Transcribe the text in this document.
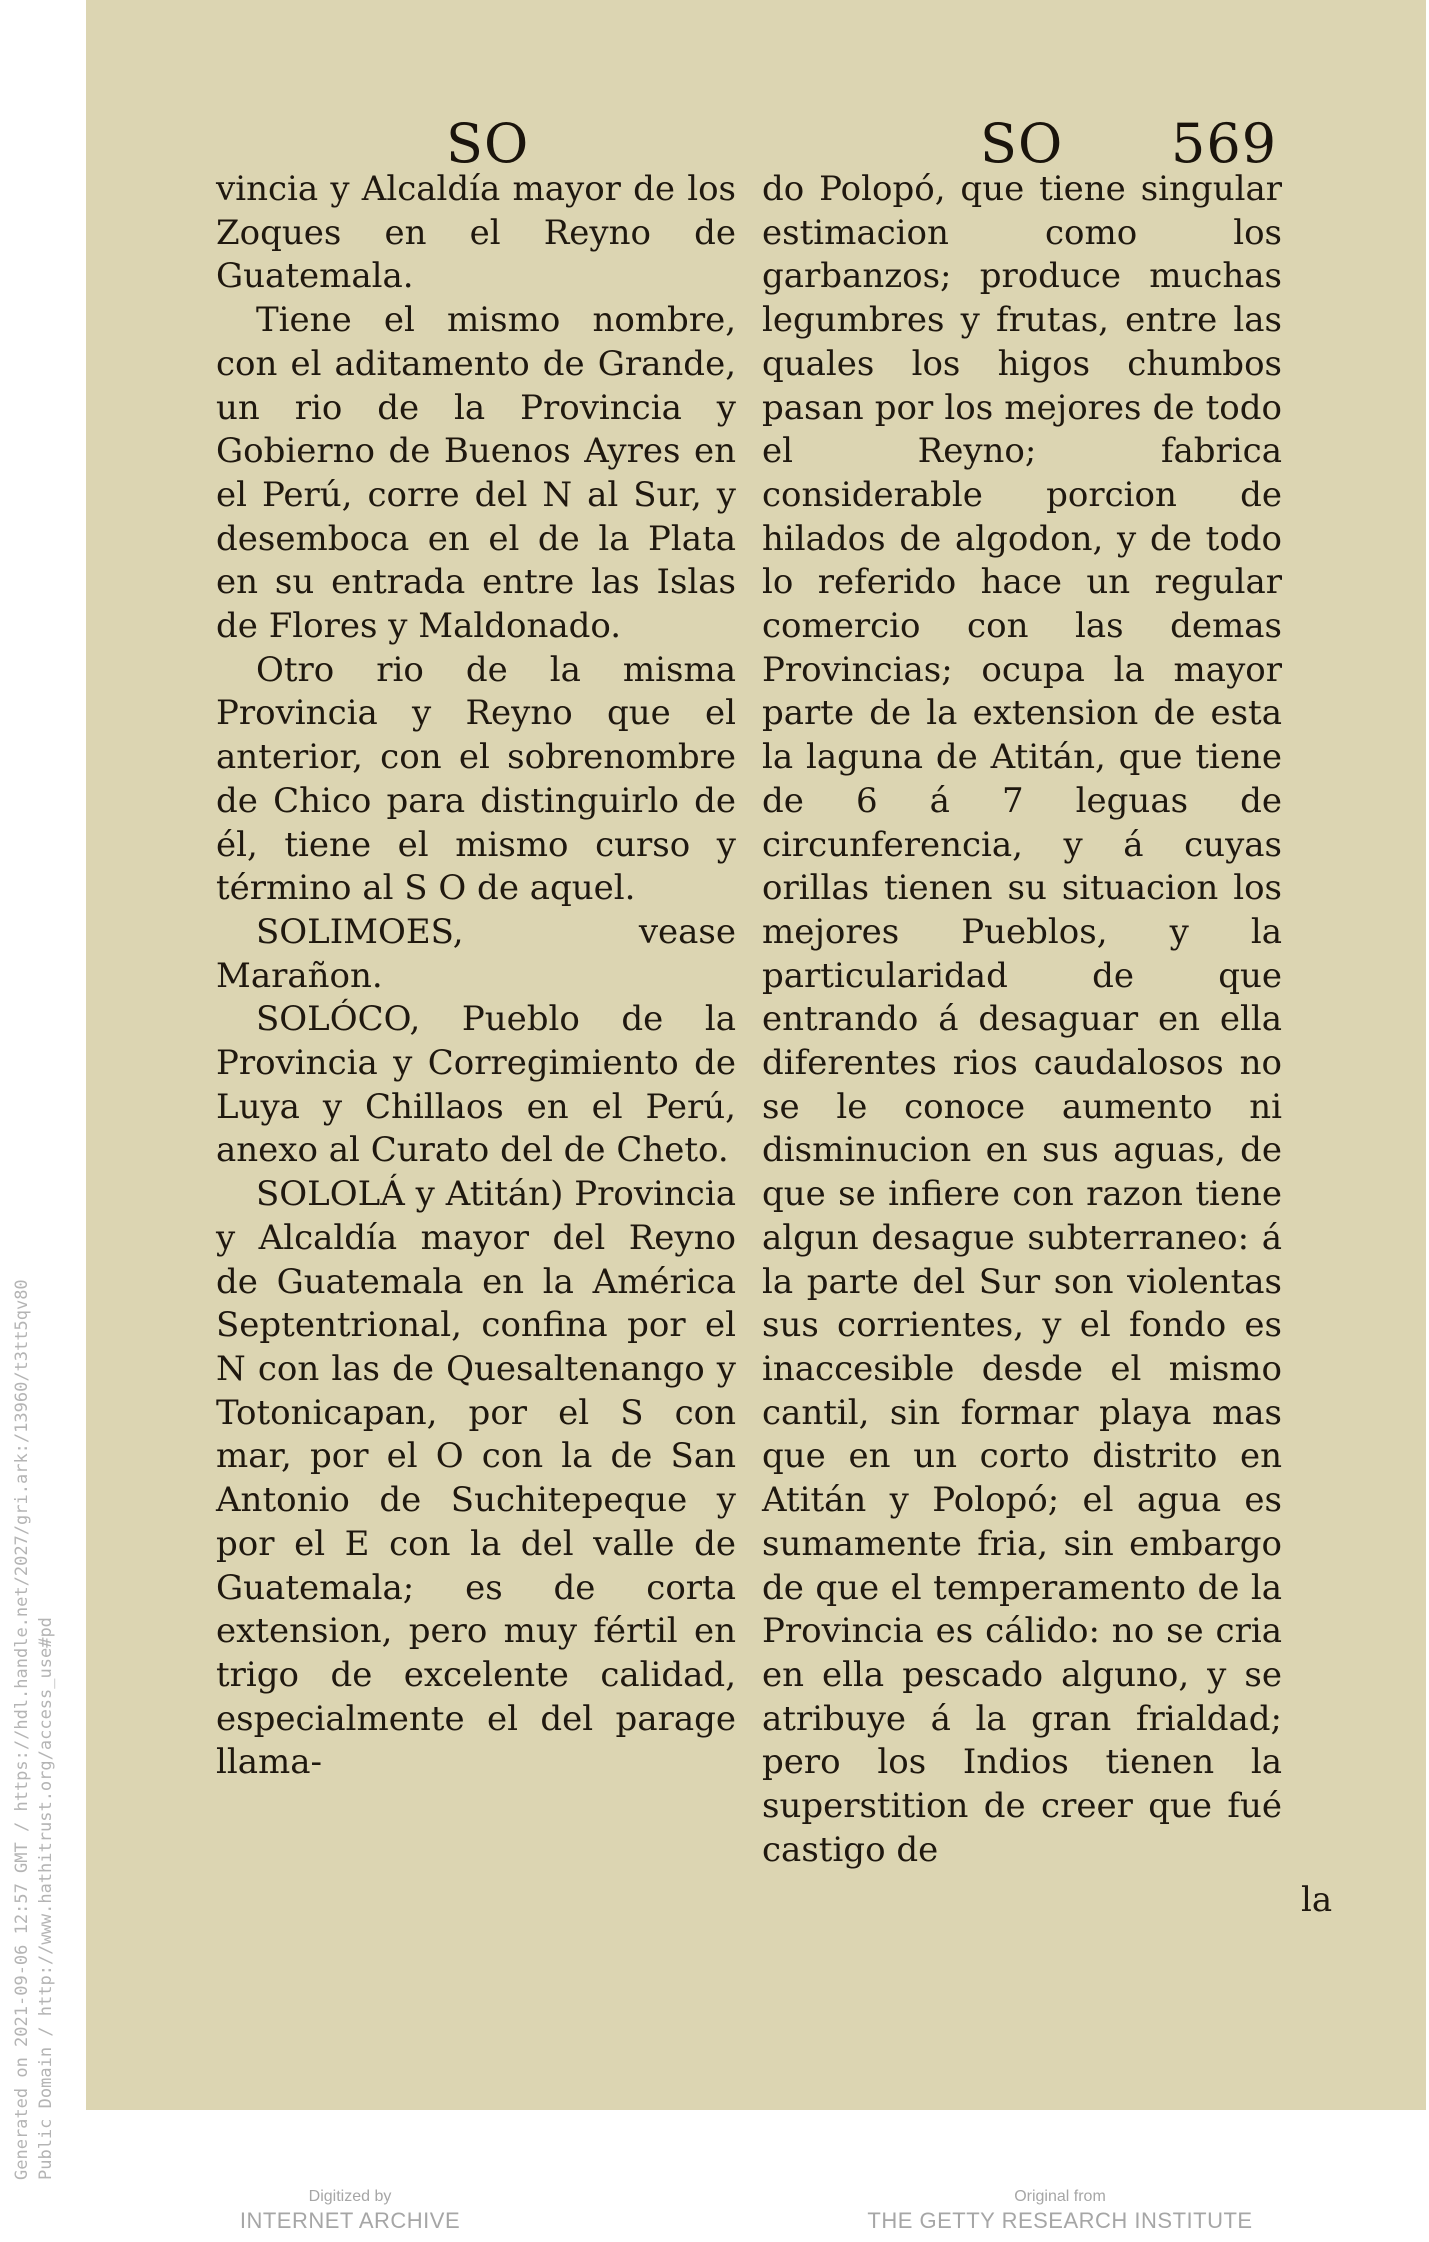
Generated on 2021-09-06 12:57 GMT / https://hdl.handle.net/2027/gri.ark:/13960/t3tt5qv80 Public Domain / http://www.hathitrust.org/access_use#pd
SO	SO 569

vincia y Alcaldía mayor de los Zoques en el Reyno de Guatemala.

Tiene el mismo nombre, con el aditamento de Grande, un rio de la Provincia y Gobierno de Buenos Ayres en el Perú, corre del N al Sur, y desemboca en el de la Plata en su entrada entre las Islas de Flores y Maldonado.

Otro rio de la misma Provincia y Reyno que el anterior, con el sobrenombre de Chico para distinguirlo de él, tiene el mismo curso y término al S O de aquel.

SOLIMOES, vease Marañon.

SOLÓCO, Pueblo de la Provincia y Corregimiento de Luya y Chillaos en el Perú, anexo al Curato del de Cheto.

SOLOLÁ y Atitán) Provincia y Alcaldía mayor del Reyno de Guatemala en la América Septentrional, confina por el N con las de Quesaltenango y Totonicapan, por el S con mar, por el O con la de San Antonio de Suchitepeque y por el E con la del valle de Guatemala; es de corta extension, pero muy fértil en trigo de excelente calidad, especialmente el del parage llama-

do Polopó, que tiene singular estimacion como los garbanzos; produce muchas legumbres y frutas, entre las quales los higos chumbos pasan por los mejores de todo el Reyno; fabrica considerable porcion de hilados de algodon, y de todo lo referido hace un regular comercio con las demas Provincias; ocupa la mayor parte de la extension de esta la laguna de Atitán, que tiene de 6 á 7 leguas de circunferencia, y á cuyas orillas tienen su situacion los mejores Pueblos, y la particularidad de que entrando á desaguar en ella diferentes rios caudalosos no se le conoce aumento ni disminucion en sus aguas, de que se infiere con razon tiene algun desague subterraneo: á la parte del Sur son violentas sus corrientes, y el fondo es inaccesible desde el mismo cantil, sin formar playa mas que en un corto distrito en Atitán y Polopó; el agua es sumamente fria, sin embargo de que el temperamento de la Provincia es cálido: no se cria en ella pescado alguno, y se atribuye á la gran frialdad; pero los Indios tienen la superstition de creer que fué castigo de

la
Digitized by
INTERNET ARCHIVE
Original from
THE GETTY RESEARCH INSTITUTE
